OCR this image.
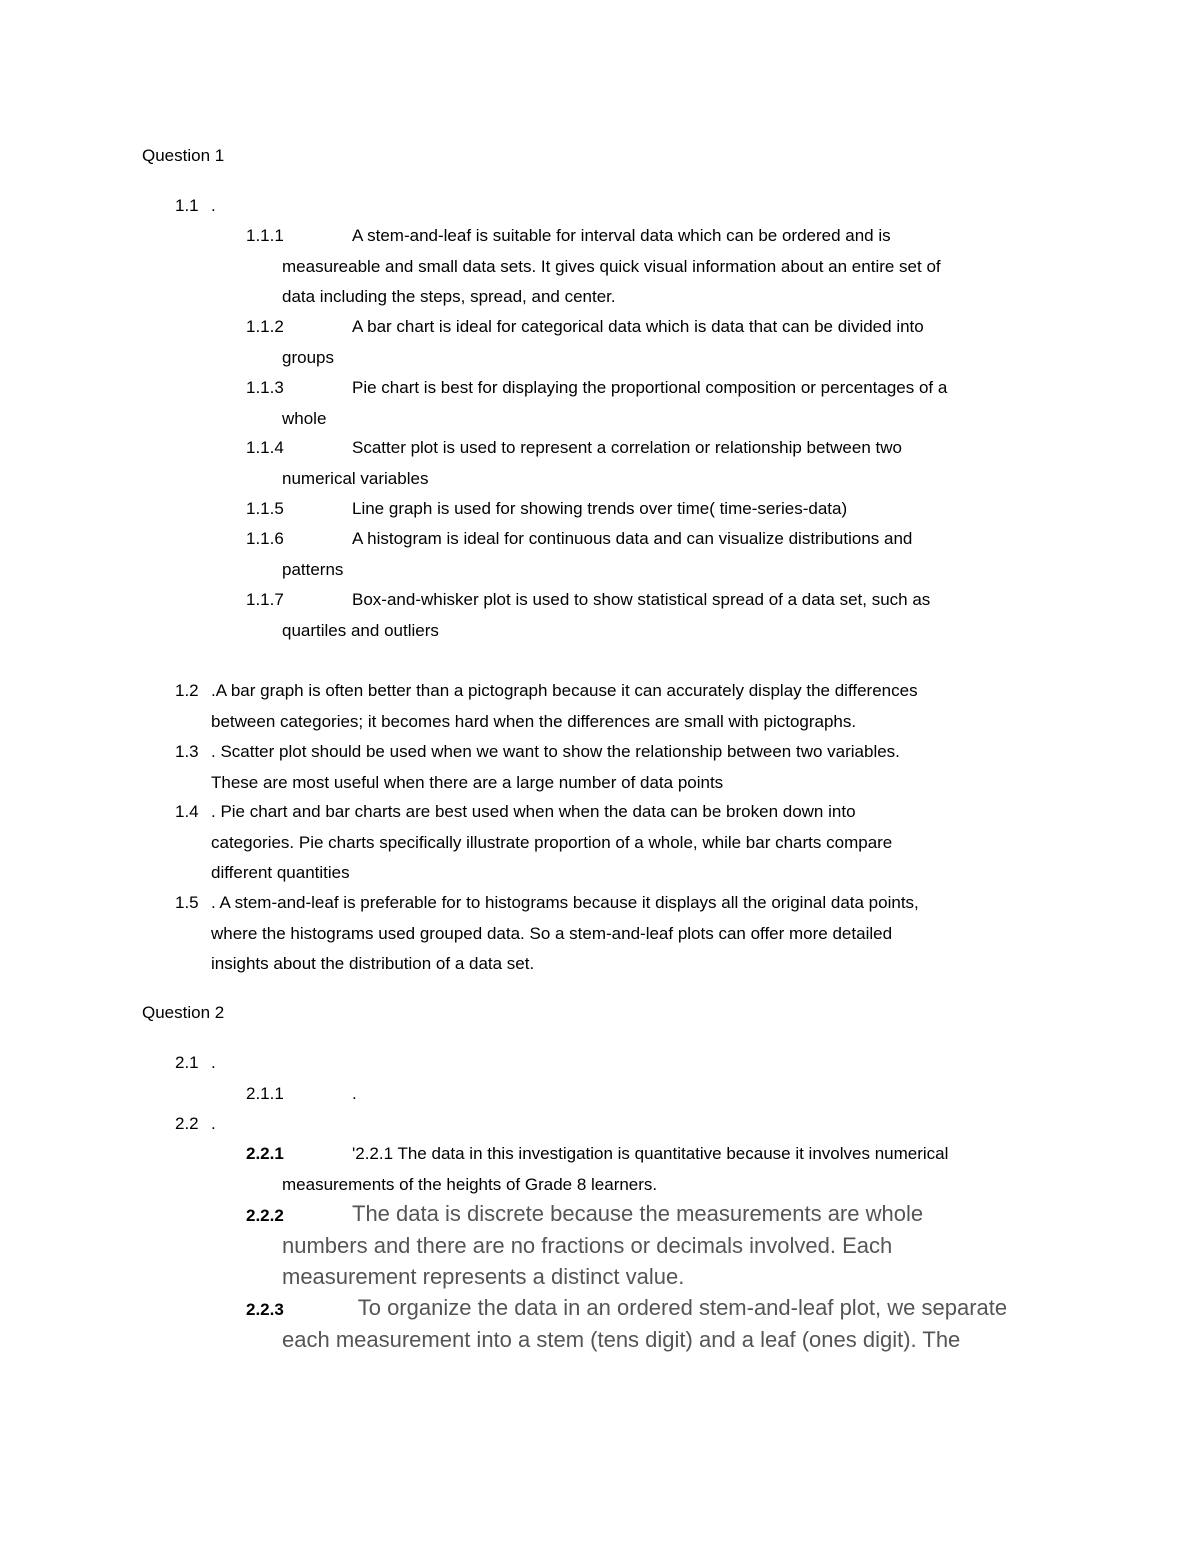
Question 1
1.1 .
1.1.1	A stem-and-leaf is suitable for interval data which can be ordered and is
measureable and small data sets. It gives quick visual information about an entire set of
data including the steps, spread, and center.
1.1.2	A bar chart is ideal for categorical data which is data that can be divided into
groups
1.1.3	Pie chart is best for displaying the proportional composition or percentages of a
whole
1.1.4	Scatter plot is used to represent a correlation or relationship between two
numerical variables
1.1.5	Line graph is used for showing trends over time( time-series-data)
1.1.6	A histogram is ideal for continuous data and can visualize distributions and
patterns
1.1.7	Box-and-whisker plot is used to show statistical spread of a data set, such as
quartiles and outliers
1.2 .A bar graph is often better than a pictograph because it can accurately display the differences
between categories; it becomes hard when the differences are small with pictographs.
1.3 . Scatter plot should be used when we want to show the relationship between two variables.
These are most useful when there are a large number of data points
1.4 . Pie chart and bar charts are best used when when the data can be broken down into
categories. Pie charts specifically illustrate proportion of a whole, while bar charts compare
different quantities
1.5 . A stem-and-leaf is preferable for to histograms because it displays all the original data points,
where the histograms used grouped data. So a stem-and-leaf plots can offer more detailed
insights about the distribution of a data set.
Question 2
2.1 .
2.1.1	.
2.2 .
2.2.1	'2.2.1 The data in this investigation is quantitative because it involves numerical
measurements of the heights of Grade 8 learners.
2.2.2	The data is discrete because the measurements are whole
numbers and there are no fractions or decimals involved. Each
measurement represents a distinct value.
2.2.3	To organize the data in an ordered stem-and-leaf plot, we separate
each measurement into a stem (tens digit) and a leaf (ones digit). The
